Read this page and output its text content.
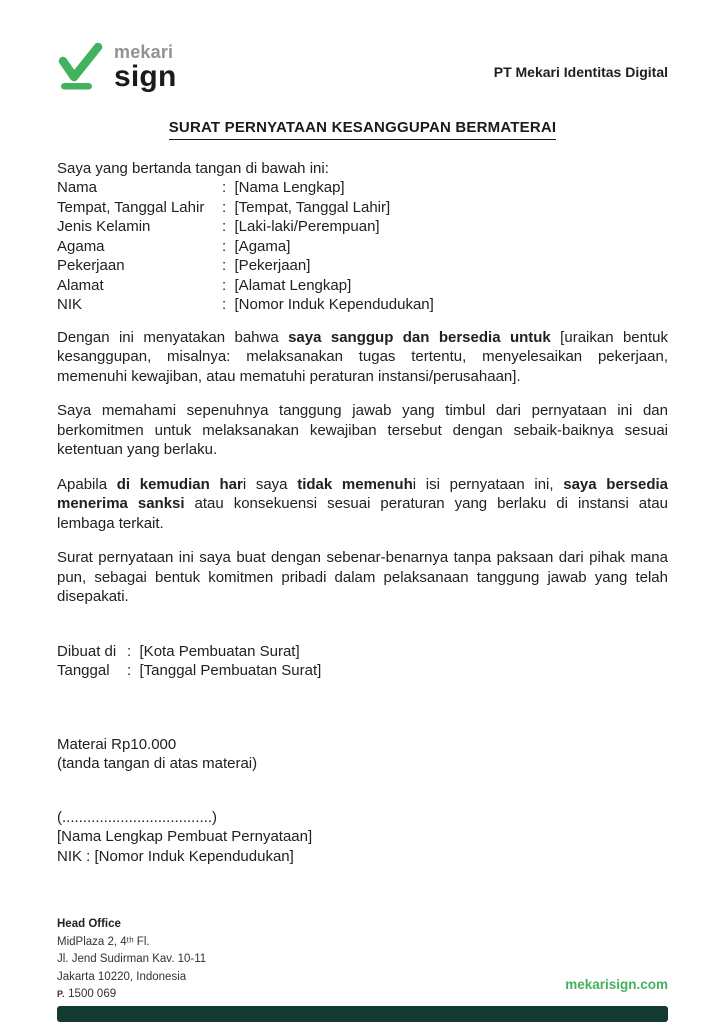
mekari
sign	PT Mekari Identitas Digital
SURAT PERNYATAAN KESANGGUPAN BERMATERAI
Saya yang bertanda tangan di bawah ini:
Nama	: [Nama Lengkap]
Tempat, Tanggal Lahir	: [Tempat, Tanggal Lahir]
Jenis Kelamin	: [Laki-laki/Perempuan]
Agama	: [Agama]
Pekerjaan	: [Pekerjaan]
Alamat	: [Alamat Lengkap]
NIK	: [Nomor Induk Kependudukan]

Dengan ini menyatakan bahwa saya sanggup dan bersedia untuk [uraikan bentuk kesanggupan, misalnya: melaksanakan tugas tertentu, menyelesaikan pekerjaan, memenuhi kewajiban, atau mematuhi peraturan instansi/perusahaan].

Saya memahami sepenuhnya tanggung jawab yang timbul dari pernyataan ini dan berkomitmen untuk melaksanakan kewajiban tersebut dengan sebaik-baiknya sesuai ketentuan yang berlaku.

Apabila di kemudian hari saya tidak memenuhi isi pernyataan ini, saya bersedia menerima sanksi atau konsekuensi sesuai peraturan yang berlaku di instansi atau lembaga terkait.

Surat pernyataan ini saya buat dengan sebenar-benarnya tanpa paksaan dari pihak mana pun, sebagai bentuk komitmen pribadi dalam pelaksanaan tanggung jawab yang telah disepakati.

Dibuat di : [Kota Pembuatan Surat]
Tanggal	: [Tanggal Pembuatan Surat]
Materai Rp10.000
(tanda tangan di atas materai)
(....................................)
[Nama Lengkap Pembuat Pernyataan]
NIK : [Nomor Induk Kependudukan]
Head Office
MidPlaza 2, 4ᵗʰ Fl.
Jl. Jend Sudirman Kav. 10-11
Jakarta 10220, Indonesia
P. 1500 069
mekarisign.com
